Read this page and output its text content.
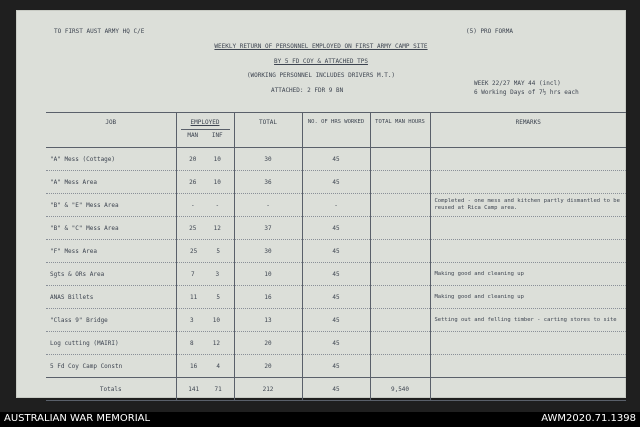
TO FIRST AUST ARMY HQ C/E	(5) PRO FORMA
WEEKLY RETURN OF PERSONNEL EMPLOYED ON FIRST ARMY CAMP SITE
BY 5 FD COY & ATTACHED TPS
(WORKING PERSONNEL INCLUDES DRIVERS M.T.)
ATTACHED: 2 FDR 9 BN
WEEK 22/27 MAY 44 (incl)
6 Working Days of 7½ hrs each
JOB	EMPLOYED
MAN INF	TOTAL	NO. OF HRS WORKED	TOTAL MAN HOURS	REMARKS
"A" Mess (Cottage)	20 10	30	45		
"A" Mess Area	26 10	36	45		
"B" & "E" Mess Area	- -	-	-		Completed - one mess and kitchen partly dismantled to be reused at Rica Camp area.
"B" & "C" Mess Area	25 12	37	45		
"F" Mess Area	25 5	30	45		
Sgts & ORs Area	7 3	10	45		Making good and cleaning up
ANAS Billets	11 5	16	45		Making good and cleaning up
"Class 9" Bridge	3 10	13	45		Setting out and felling timber - carting stores to site
Log cutting (MAIRI)	8 12	20	45		
5 Fd Coy Camp Constn	16 4	20	45		
Totals	141 71	212	45	9,540	
AUSTRALIAN WAR MEMORIAL	AWM2020.71.1398
